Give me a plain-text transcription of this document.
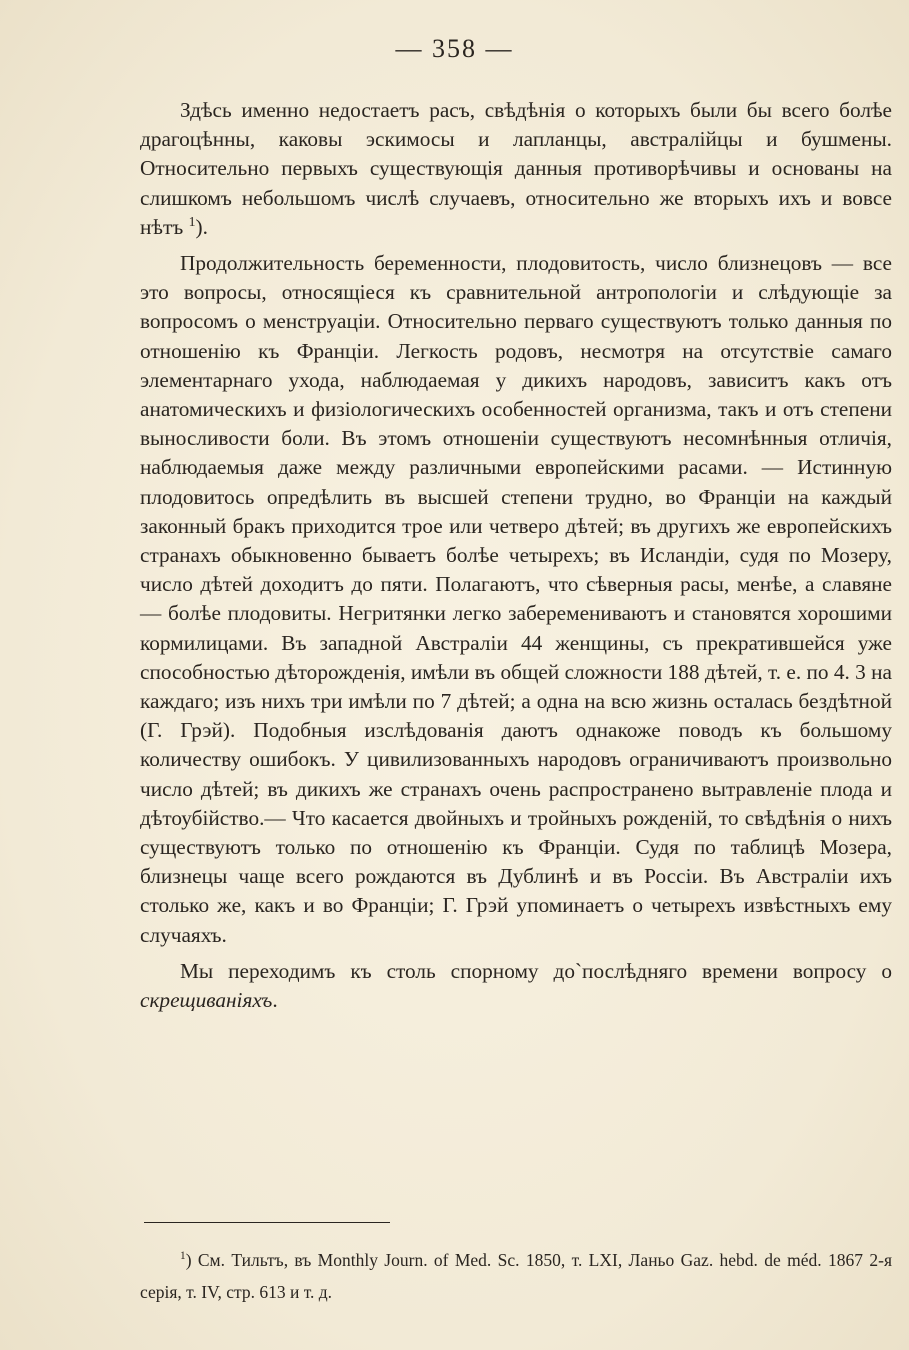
— 358 —

Здѣсь именно недостаетъ расъ, свѣдѣнія о которыхъ были бы всего болѣе драгоцѣнны, каковы эскимосы и лапланцы, австралійцы и бушмены. Относительно первыхъ существующія данныя противорѣчивы и основаны на слишкомъ небольшомъ числѣ случаевъ, относительно же вторыхъ ихъ и вовсе нѣтъ $^1$).

Продолжительность беременности, плодовитость, число близнецовъ — все это вопросы, относящіеся къ сравнительной антропологіи и слѣдующіе за вопросомъ о менструаціи. Относительно перваго существуютъ только данныя по отношенію къ Франціи. Легкость родовъ, несмотря на отсутствіе самаго элементарнаго ухода, наблюдаемая у дикихъ народовъ, зависитъ какъ отъ анатомическихъ и физіологическихъ особенностей организма, такъ и отъ степени выносливости боли. Въ этомъ отношеніи существуютъ несомнѣнныя отличія, наблюдаемыя даже между различными европейскими расами. — Истинную плодовитось опредѣлить въ высшей степени трудно, во Франціи на каждый законный бракъ приходится трое или четверо дѣтей; въ другихъ же европейскихъ странахъ обыкновенно бываетъ болѣе четырехъ; въ Исландіи, судя по Мозеру, число дѣтей доходитъ до пяти. Полагаютъ, что сѣверныя расы, менѣе, а славяне — болѣе плодовиты. Негритянки легко заберемениваютъ и становятся хорошими кормилицами. Въ западной Австраліи 44 женщины, съ прекратившейся уже способностью дѣторожденія, имѣли въ общей сложности 188 дѣтей, т. е. по 4. 3 на каждаго; изъ нихъ три имѣли по 7 дѣтей; а одна на всю жизнь осталась бездѣтной (Г. Грэй). Подобныя изслѣдованія даютъ однакоже поводъ къ большому количеству ошибокъ. У цивилизованныхъ народовъ ограничиваютъ произвольно число дѣтей; въ дикихъ же странахъ очень распространено вытравленіе плода и дѣтоубійство.— Что касается двойныхъ и тройныхъ рожденій, то свѣдѣнія о нихъ существуютъ только по отношенію къ Франціи. Судя по таблицѣ Мозера, близнецы чаще всего рождаются въ Дублинѣ и въ Россіи. Въ Австраліи ихъ столько же, какъ и во Франціи; Г. Грэй упоминаетъ о четырехъ извѣстныхъ ему случаяхъ.

Мы переходимъ къ столь спорному до`послѣдняго времени вопросу о скрещиванiяхъ.

$^1$) См. Тильтъ, въ Monthly Journ. of Med. Sc. 1850, т. LXI, Ланьо Gaz. hebd. de méd. 1867 2-я серія, т. IV, стр. 613 и т. д.
